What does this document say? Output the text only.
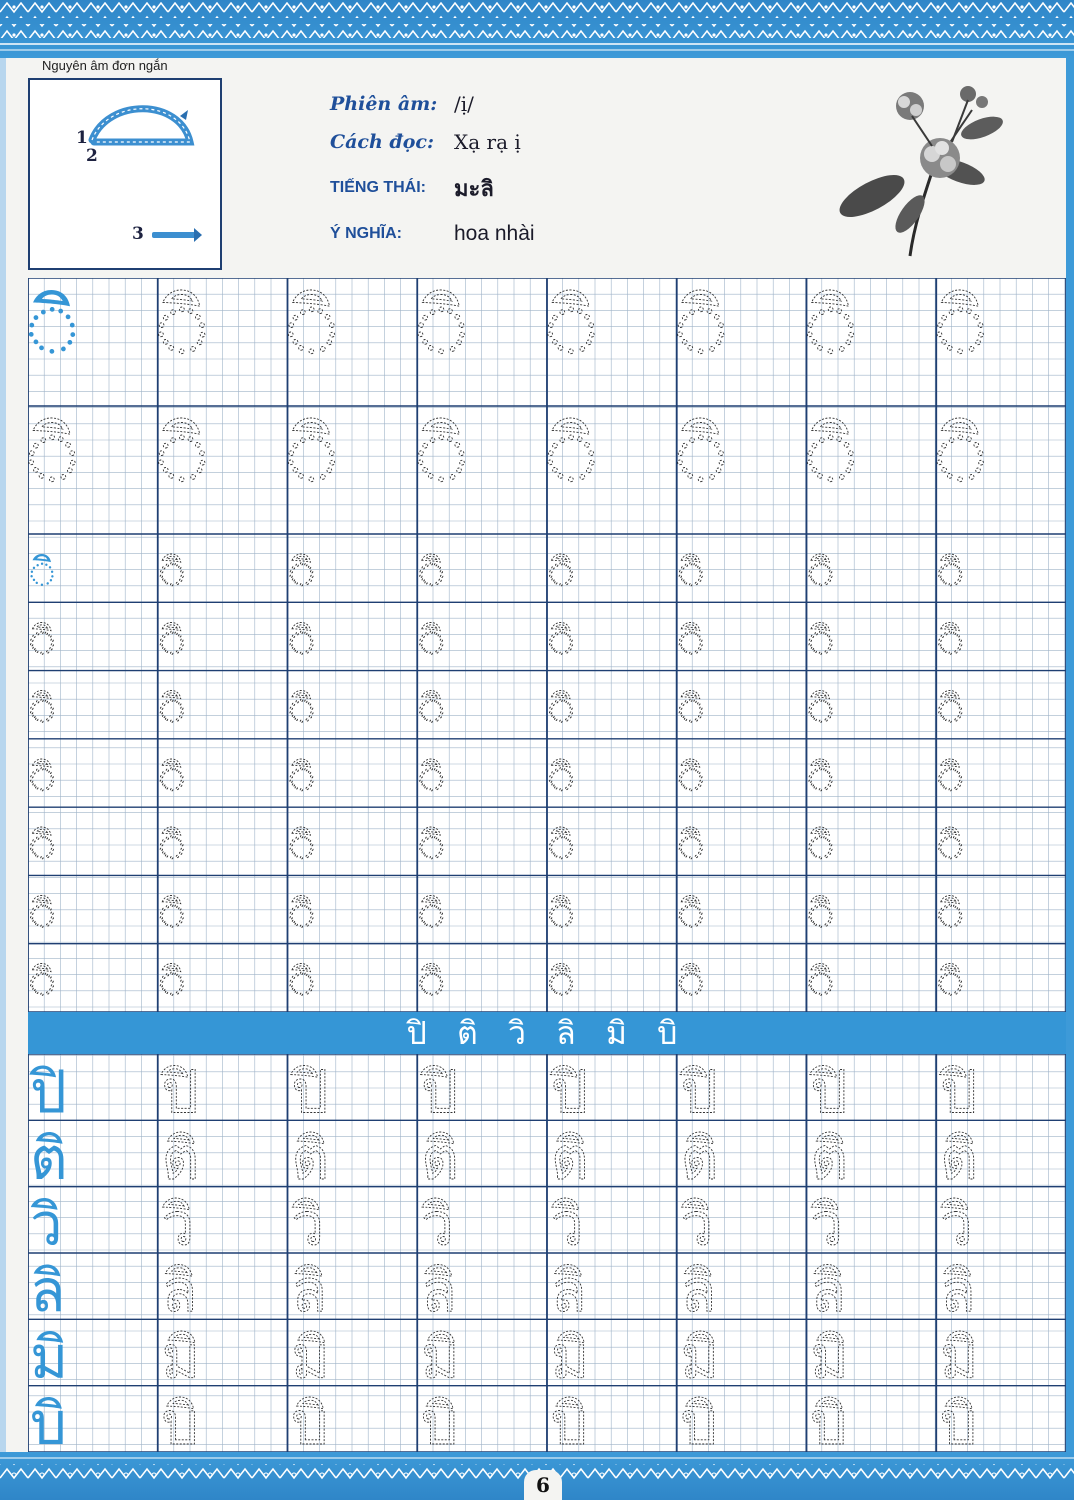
Nguyên âm đơn ngắn
1
2
3
Phiên âm: /ị/
Cách đọc:	Xạ rạ ị
TIẾNG THÁI:	มะลิ
Ý NGHĨA:	hoa nhài
◌ิ ◌ิ ◌ิ ◌ิ ◌ิ ◌ิ ◌ิ ◌ิ
◌ิ ◌ิ ◌ิ ◌ิ ◌ิ ◌ิ ◌ิ ◌ิ
◌ิ	◌ิ	◌ิ	◌ิ	◌ิ	◌ิ	◌ิ	◌ิ
◌ิ	◌ิ	◌ิ	◌ิ	◌ิ	◌ิ	◌ิ	◌ิ
◌ิ	◌ิ	◌ิ	◌ิ	◌ิ	◌ิ	◌ิ	◌ิ
◌ิ	◌ิ	◌ิ	◌ิ	◌ิ	◌ิ	◌ิ	◌ิ
◌ิ	◌ิ	◌ิ	◌ิ	◌ิ	◌ิ	◌ิ	◌ิ
◌ิ	◌ิ	◌ิ	◌ิ	◌ิ	◌ิ	◌ิ	◌ิ
◌ิ	◌ิ	◌ิ	◌ิ	◌ิ	◌ิ	◌ิ	◌ิ
ปิ ปิ ปิ ปิ ปิ ปิ ปิ ปิ
ติ ติ ติ ติ ติ ติ ติ ติ
วิ วิ วิ วิ วิ วิ วิ วิ
ลิ ลิ ลิ ลิ ลิ ลิ ลิ ลิ
มิ มิ มิ มิ มิ มิ มิ มิ
บิ บิ บิ บิ บิ บิ บิ บิ
ปิ ติ วิ ลิ มิ บิ
6
